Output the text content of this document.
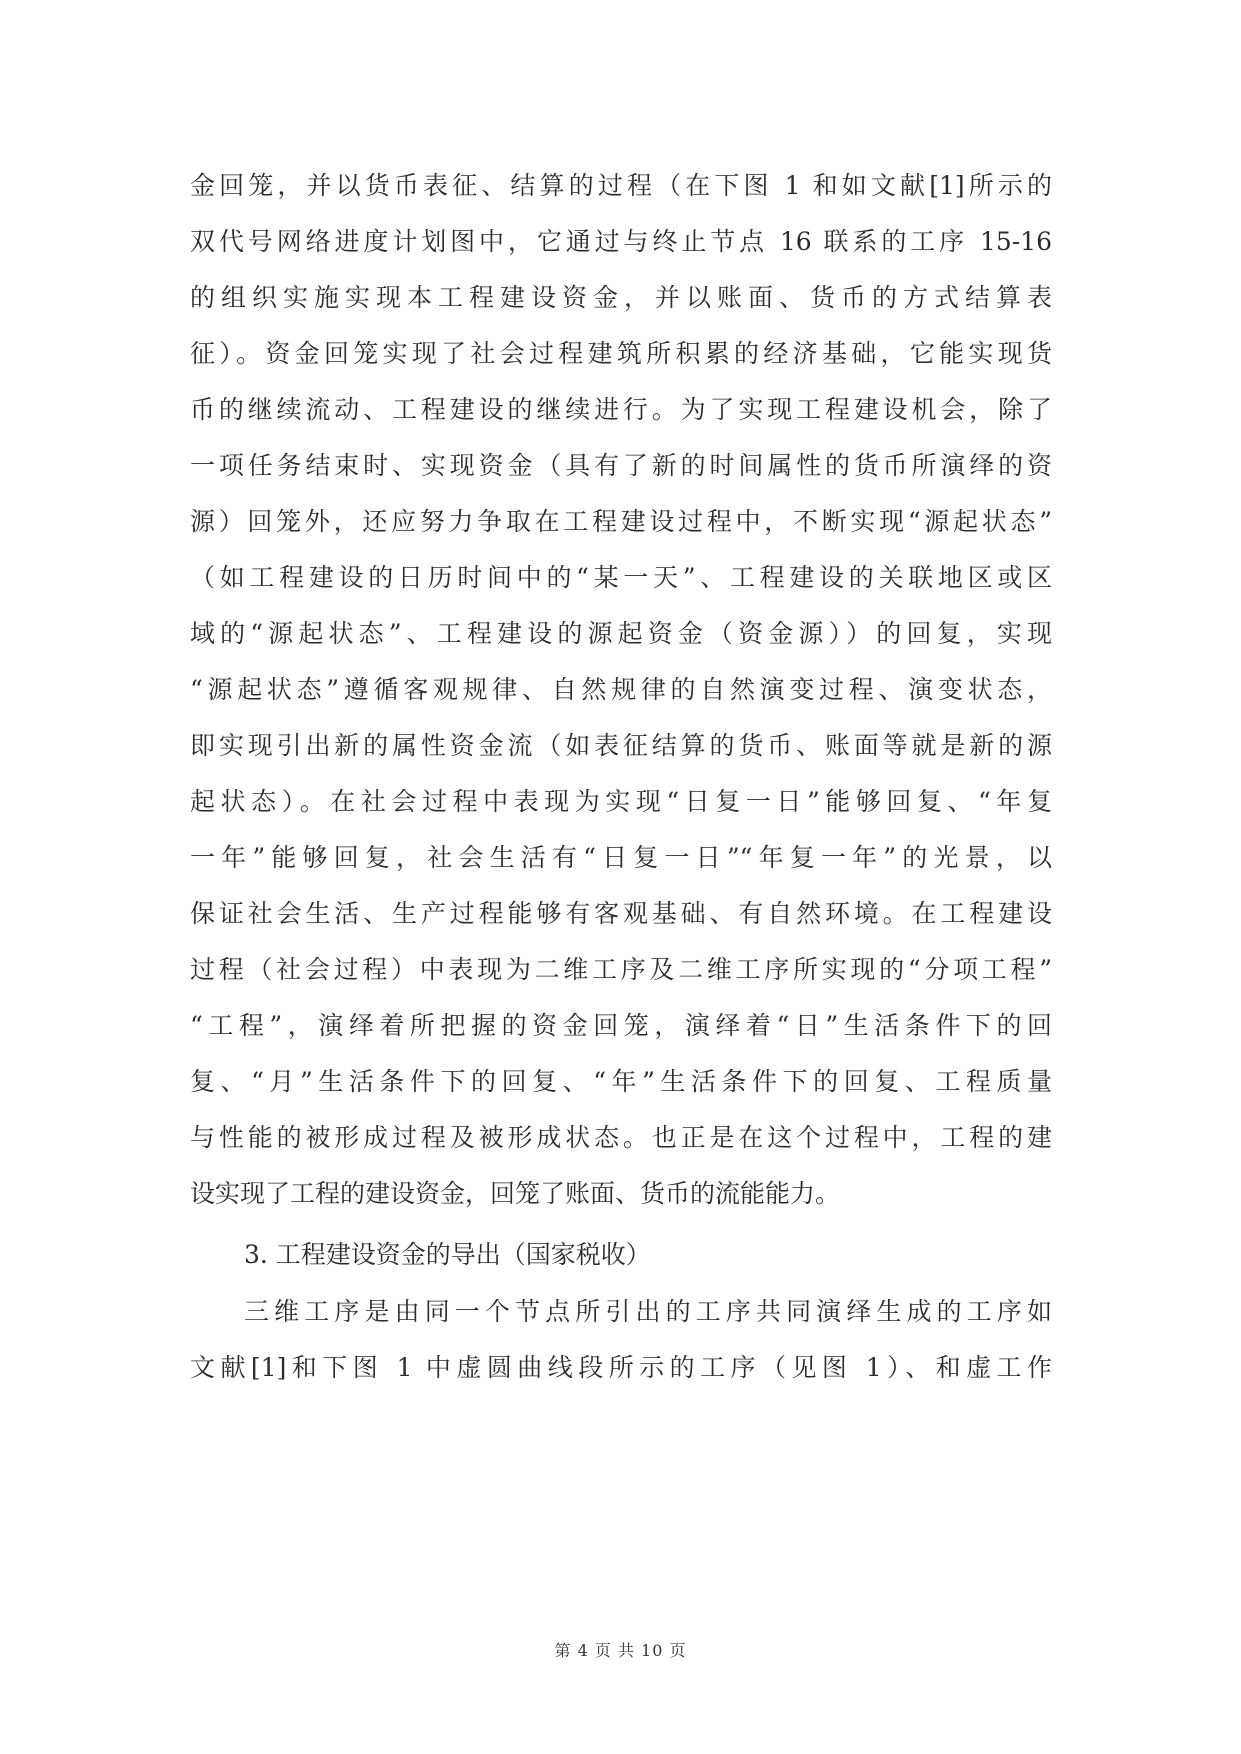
金回笼，并以货币表征、结算的过程（在下图 1 和如文献[1]所示的
双代号网络进度计划图中，它通过与终止节点 16 联系的工序 15-16
的组织实施实现本工程建设资金，并以账面、货币的方式结算表
征）。资金回笼实现了社会过程建筑所积累的经济基础，它能实现货
币的继续流动、工程建设的继续进行。为了实现工程建设机会，除了
一项任务结束时、实现资金（具有了新的时间属性的货币所演绎的资
源）回笼外，还应努力争取在工程建设过程中，不断实现“源起状态”
（如工程建设的日历时间中的“某一天”、工程建设的关联地区或区
域的“源起状态”、工程建设的源起资金（资金源））的回复，实现
“源起状态”遵循客观规律、自然规律的自然演变过程、演变状态，
即实现引出新的属性资金流（如表征结算的货币、账面等就是新的源
起状态）。在社会过程中表现为实现“日复一日”能够回复、“年复
一年”能够回复，社会生活有“日复一日”“年复一年”的光景，以
保证社会生活、生产过程能够有客观基础、有自然环境。在工程建设
过程（社会过程）中表现为二维工序及二维工序所实现的“分项工程”
“工程”，演绎着所把握的资金回笼，演绎着“日”生活条件下的回
复、“月”生活条件下的回复、“年”生活条件下的回复、工程质量
与性能的被形成过程及被形成状态。也正是在这个过程中，工程的建
设实现了工程的建设资金，回笼了账面、货币的流能能力。
3. 工程建设资金的导出（国家税收）
三维工序是由同一个节点所引出的工序共同演绎生成的工序如
文献[1]和下图 1 中虚圆曲线段所示的工序（见图 1）、和虚工作
第 4 页 共 10 页
